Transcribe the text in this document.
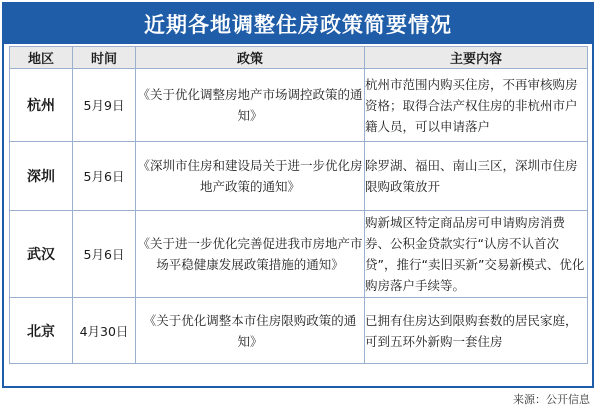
近期各地调整住房政策简要情况
地区	时间	政策	主要内容
杭州	5月9日	《关于优化调整房地产市场调控政策的通知》	杭州市范围内购买住房，不再审核购房资格；取得合法产权住房的非杭州市户籍人员，可以申请落户
深圳	5月6日	《深圳市住房和建设局关于进一步优化房地产政策的通知》	除罗湖、福田、南山三区，深圳市住房限购政策放开
武汉	5月6日	《关于进一步优化完善促进我市房地产市场平稳健康发展政策措施的通知》	购新城区特定商品房可申请购房消费券、公积金贷款实行“认房不认首次贷”，推行“卖旧买新”交易新模式、优化购房落户手续等。
北京	4月30日	《关于优化调整本市住房限购政策的通知》	已拥有住房达到限购套数的居民家庭，可到五环外新购一套住房
来源：公开信息
